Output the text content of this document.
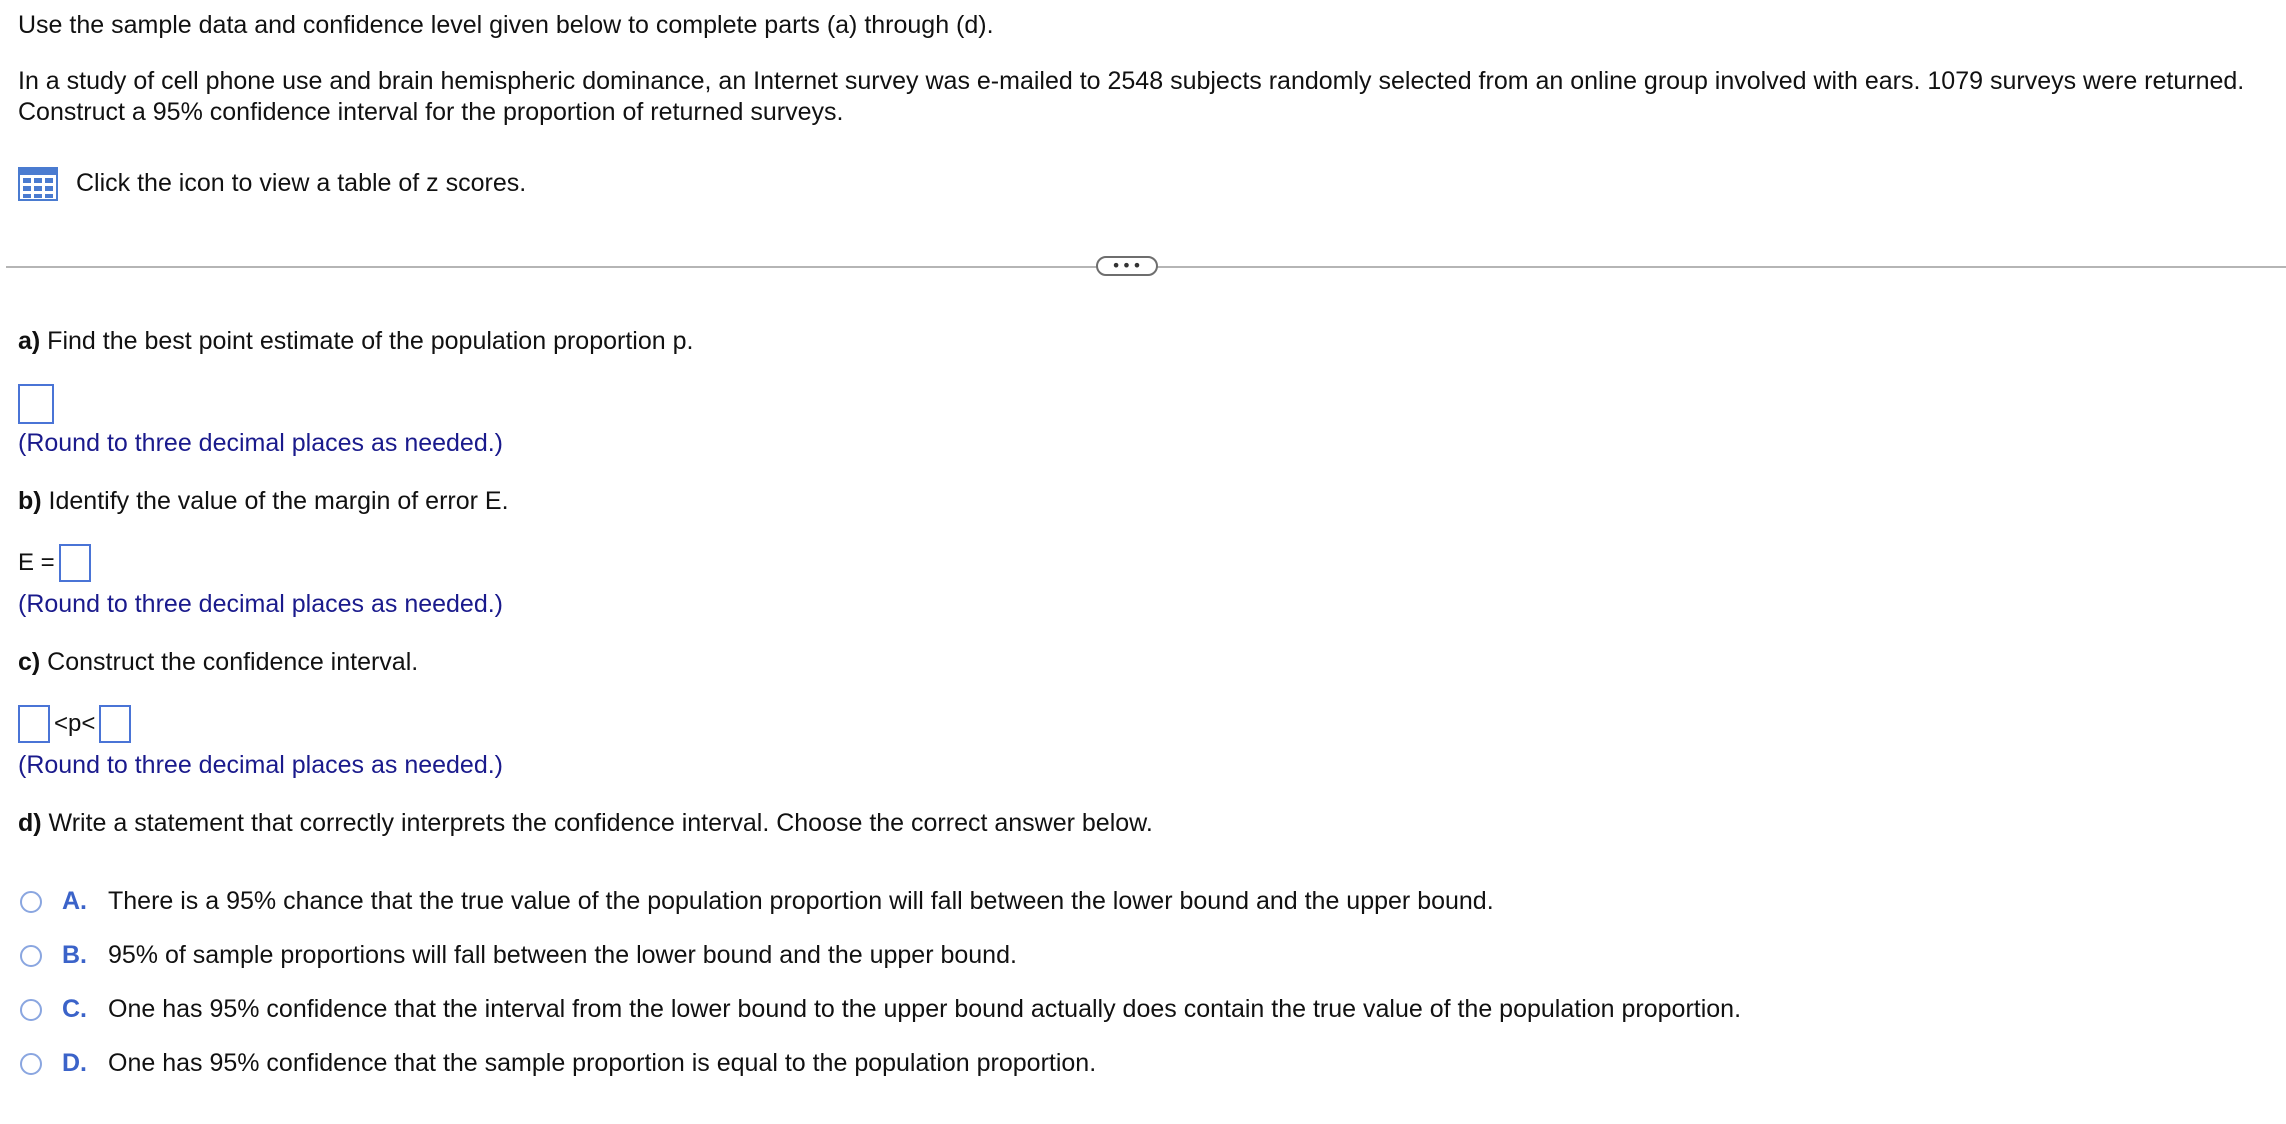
Use the sample data and confidence level given below to complete parts (a) through (d).
In a study of cell phone use and brain hemispheric dominance, an Internet survey was e-mailed to 2548 subjects randomly selected from an online group involved with ears. 1079 surveys were returned. Construct a 95% confidence interval for the proportion of returned surveys.
Click the icon to view a table of z scores.
•••
a) Find the best point estimate of the population proportion p.
(Round to three decimal places as needed.)
b) Identify the value of the margin of error E.
E =
(Round to three decimal places as needed.)
c) Construct the confidence interval.
<p<
(Round to three decimal places as needed.)
d) Write a statement that correctly interprets the confidence interval. Choose the correct answer below.
A. There is a 95% chance that the true value of the population proportion will fall between the lower bound and the upper bound.
B. 95% of sample proportions will fall between the lower bound and the upper bound.
C. One has 95% confidence that the interval from the lower bound to the upper bound actually does contain the true value of the population proportion.
D. One has 95% confidence that the sample proportion is equal to the population proportion.
